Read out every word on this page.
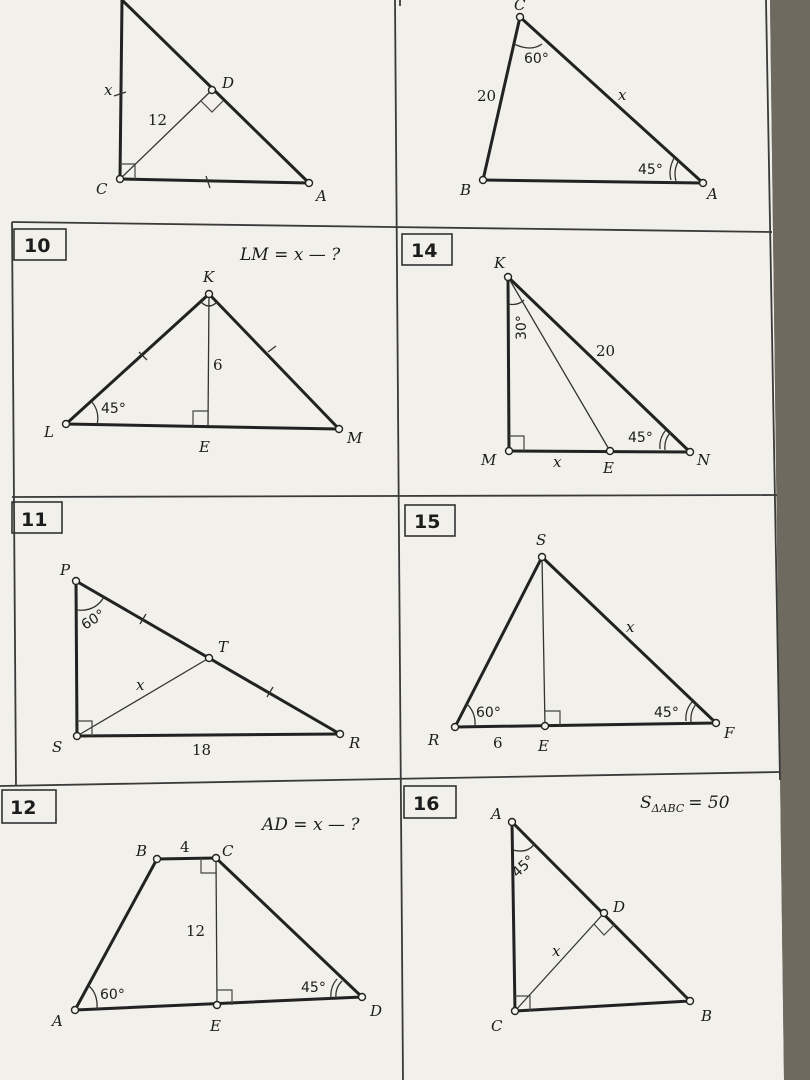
D
C	A
x
12
C
B	A
20	x
60°
45°
10	LM = x — ?
K
L	M
E
6
45°
14
K
M	E	N
20
x
30°
45°
11
P
T
S	R
60°
x
18
15
S
R	E
F
60°	45°
x
6
12
AD = x — ?
B	C
A	E
D
4
12
60°	45°
16	$S_{\Delta ABC} = 50$
A
D
C
B
45°
x
